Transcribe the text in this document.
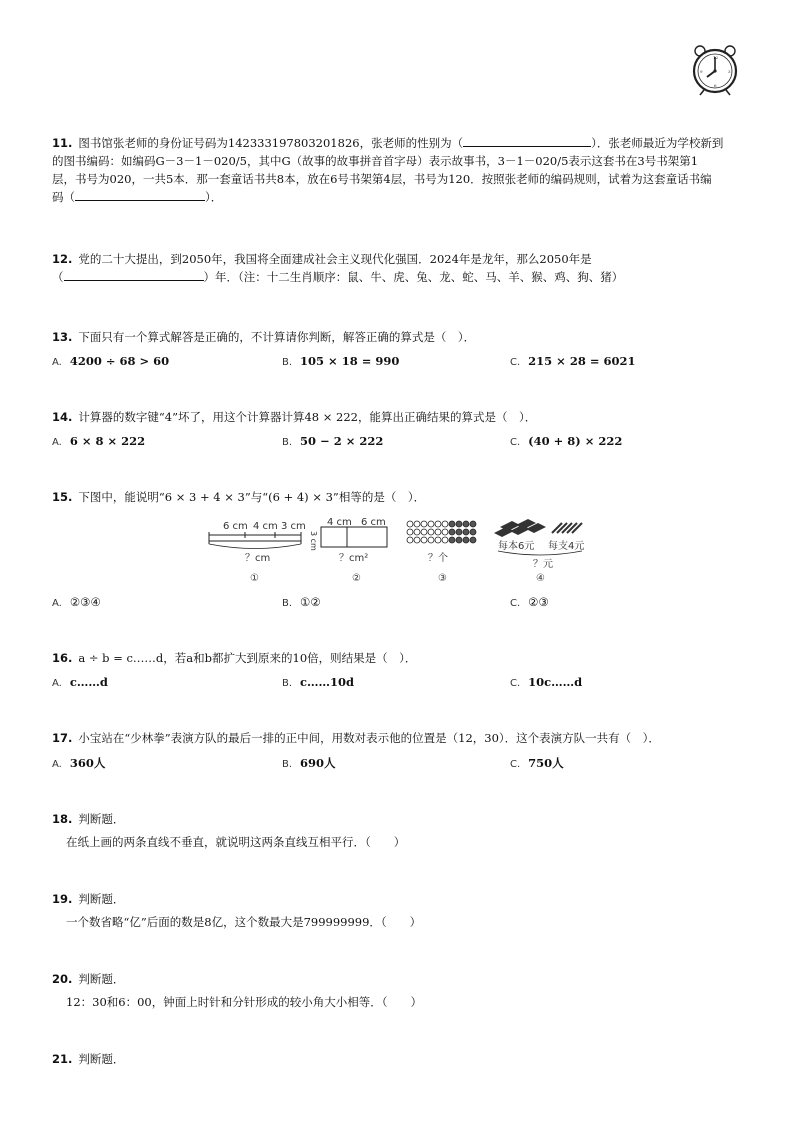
12
3
6
9
11. 图书馆张老师的身份证号码为142333197803201826，张老师的性别为（	）．张老师最近为学校新到
的图书编码：如编码G－3－1－020/5，其中G（故事的故事拼音首字母）表示故事书，3－1－020/5表示这套书在3号书架第1
层，书号为020，一共5本．那一套童话书共8本，放在6号书架第4层，书号为120．按照张老师的编码规则，试着为这套童话书编
码（	）．
12. 党的二十大提出，到2050年，我国将全面建成社会主义现代化强国．2024年是龙年，那么2050年是
（	）年．（注：十二生肖顺序：鼠、牛、虎、兔、龙、蛇、马、羊、猴、鸡、狗、猪）
13. 下面只有一个算式解答是正确的，不计算请你判断，解答正确的算式是（　）．
A. 4200 ÷ 68 > 60	B. 105 × 18 = 990	C. 215 × 28 = 6021
14. 计算器的数字键“4”坏了，用这个计算器计算48 × 222，能算出正确结果的算式是（　）．
A. 6 × 8 × 222	B. 50 − 2 × 222	C. (40 + 8) × 222
15. 下图中，能说明“6 × 3 + 4 × 3”与“(6 + 4) × 3”相等的是（　）．
6 cm 4 cm 3 cm
？cm
①
4 cm 6 cm
3 cm
？cm²
②
？个
③
每本6元 每支4元
？元
④
A. ②③④	B. ①②	C. ②③
16. a ÷ b = c……d，若a和b都扩大到原来的10倍，则结果是（　）．
A. c……d	B. c……10d	C. 10c……d
17. 小宝站在“少林拳”表演方队的最后一排的正中间，用数对表示他的位置是（12，30）．这个表演方队一共有（　）．
A. 360人	B. 690人	C. 750人
18. 判断题．
在纸上画的两条直线不垂直，就说明这两条直线互相平行．（　　）
19. 判断题．
一个数省略“亿”后面的数是8亿，这个数最大是799999999．（　　）
20. 判断题．
12：30和6：00，钟面上时针和分针形成的较小角大小相等．（　　）
21. 判断题．
